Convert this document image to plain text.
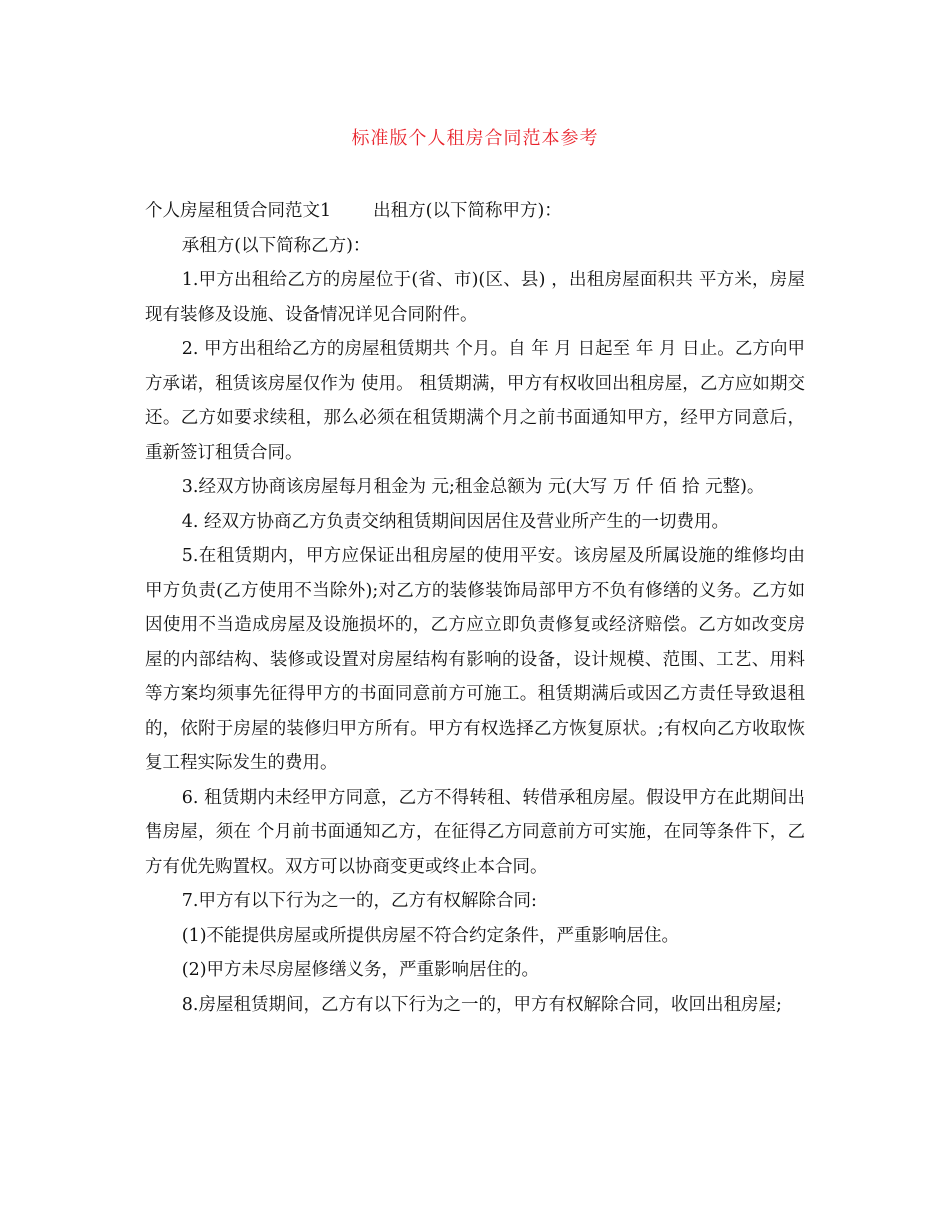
标准版个人租房合同范本参考

个人房屋租赁合同范文1 出租方(以下简称甲方)：

承租方(以下简称乙方)：

1.甲方出租给乙方的房屋位于(省、市)(区、县) ，出租房屋面积共 平方米，房屋现有装修及设施、设备情况详见合同附件。

2. 甲方出租给乙方的房屋租赁期共 个月。自 年 月 日起至 年 月 日止。乙方向甲方承诺，租赁该房屋仅作为 使用。 租赁期满，甲方有权收回出租房屋，乙方应如期交还。乙方如要求续租，那么必须在租赁期满个月之前书面通知甲方，经甲方同意后，重新签订租赁合同。

3.经双方协商该房屋每月租金为 元;租金总额为 元(大写 万 仟 佰 拾 元整)。

4. 经双方协商乙方负责交纳租赁期间因居住及营业所产生的一切费用。

5.在租赁期内，甲方应保证出租房屋的使用平安。该房屋及所属设施的维修均由甲方负责(乙方使用不当除外);对乙方的装修装饰局部甲方不负有修缮的义务。乙方如因使用不当造成房屋及设施损坏的，乙方应立即负责修复或经济赔偿。乙方如改变房屋的内部结构、装修或设置对房屋结构有影响的设备，设计规模、范围、工艺、用料等方案均须事先征得甲方的书面同意前方可施工。租赁期满后或因乙方责任导致退租的，依附于房屋的装修归甲方所有。甲方有权选择乙方恢复原状。;有权向乙方收取恢复工程实际发生的费用。

6. 租赁期内未经甲方同意，乙方不得转租、转借承租房屋。假设甲方在此期间出售房屋，须在 个月前书面通知乙方，在征得乙方同意前方可实施，在同等条件下，乙方有优先购置权。双方可以协商变更或终止本合同。

7.甲方有以下行为之一的，乙方有权解除合同:

(1)不能提供房屋或所提供房屋不符合约定条件，严重影响居住。

(2)甲方未尽房屋修缮义务，严重影响居住的。

8.房屋租赁期间，乙方有以下行为之一的，甲方有权解除合同，收回出租房屋;
